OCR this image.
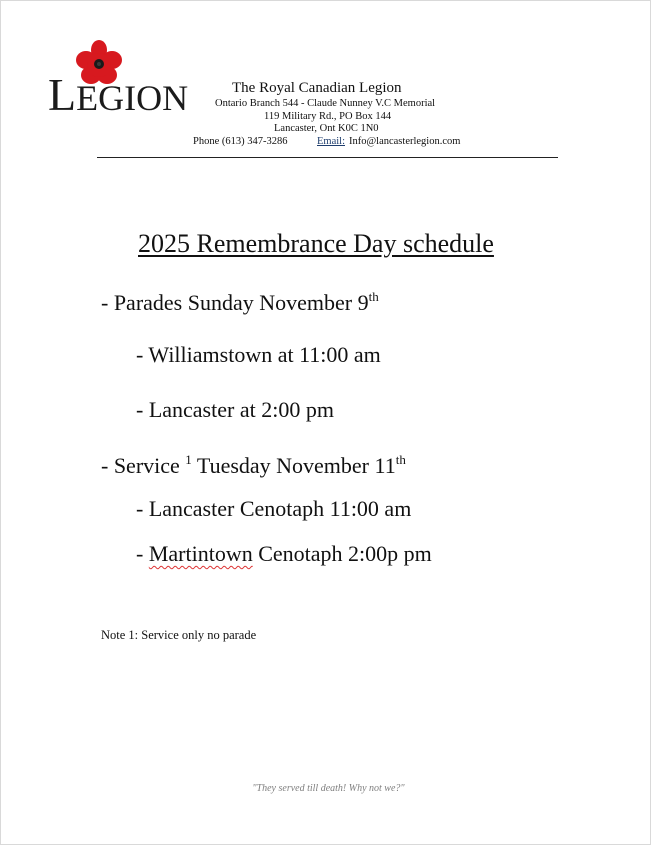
LEGION	The Royal Canadian Legion
Ontario Branch 544 - Claude Nunney V.C Memorial
119 Military Rd., PO Box 144
Lancaster, Ont K0C 1N0
Phone (613) 347-3286	Email: Info@lancasterlegion.com
2025 Remembrance Day schedule
- Parades Sunday November 9th
- Williamstown at 11:00 am
- Lancaster at 2:00 pm
- Service $^1$ Tuesday November 11th
- Lancaster Cenotaph 11:00 am
- Martintown Cenotaph 2:00p pm
Note 1: Service only no parade
"They served till death! Why not we?"
